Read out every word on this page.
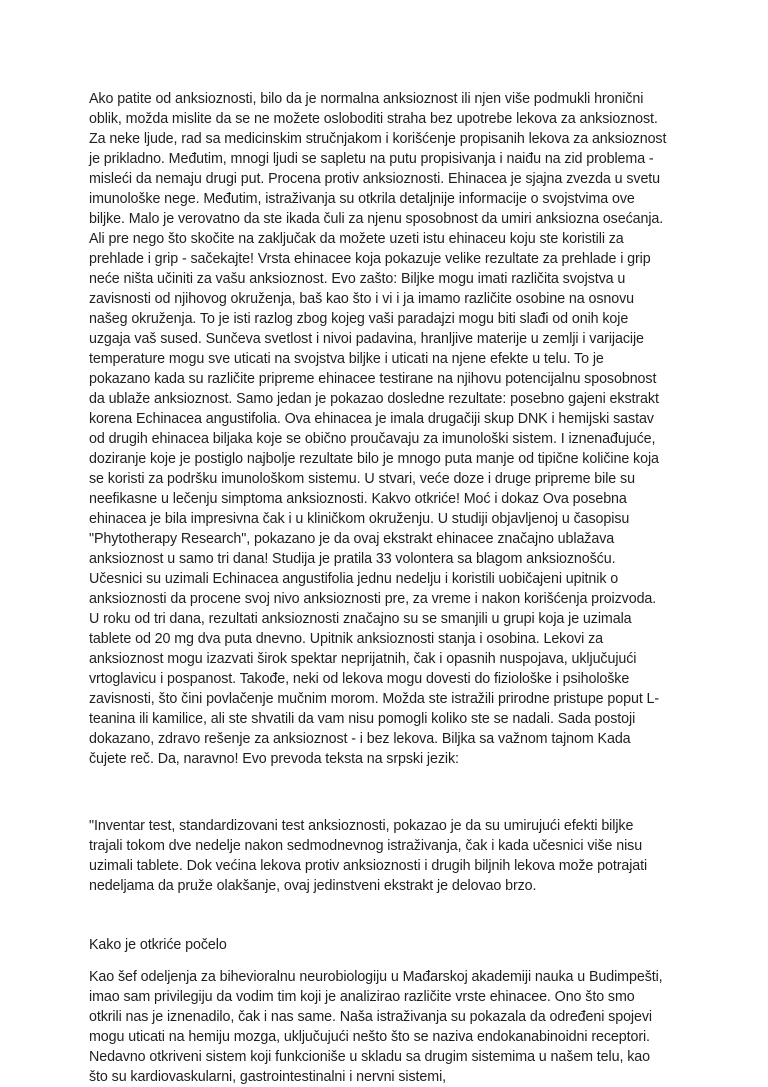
Ako patite od anksioznosti, bilo da je normalna anksioznost ili njen više podmukli hronični oblik, možda mislite da se ne možete osloboditi straha bez upotrebe lekova za anksioznost. Za neke ljude, rad sa medicinskim stručnjakom i korišćenje propisanih lekova za anksioznost je prikladno. Međutim, mnogi ljudi se sapletu na putu propisivanja i naiđu na zid problema - misleći da nemaju drugi put. Procena protiv anksioznosti. Ehinacea je sjajna zvezda u svetu imunološke nege. Međutim, istraživanja su otkrila detaljnije informacije o svojstvima ove biljke. Malo je verovatno da ste ikada čuli za njenu sposobnost da umiri anksiozna osećanja. Ali pre nego što skočite na zaključak da možete uzeti istu ehinaceu koju ste koristili za prehlade i grip - sačekajte! Vrsta ehinacee koja pokazuje velike rezultate za prehlade i grip neće ništa učiniti za vašu anksioznost. Evo zašto: Biljke mogu imati različita svojstva u zavisnosti od njihovog okruženja, baš kao što i vi i ja imamo različite osobine na osnovu našeg okruženja. To je isti razlog zbog kojeg vaši paradajzi mogu biti slađi od onih koje uzgaja vaš sused. Sunčeva svetlost i nivoi padavina, hranljive materije u zemlji i varijacije temperature mogu sve uticati na svojstva biljke i uticati na njene efekte u telu. To je pokazano kada su različite pripreme ehinacee testirane na njihovu potencijalnu sposobnost da ublaže anksioznost. Samo jedan je pokazao dosledne rezultate: posebno gajeni ekstrakt korena Echinacea angustifolia. Ova ehinacea je imala drugačiji skup DNK i hemijski sastav od drugih ehinacea biljaka koje se obično proučavaju za imunološki sistem. I iznenađujuće, doziranje koje je postiglo najbolje rezultate bilo je mnogo puta manje od tipične količine koja se koristi za podršku imunološkom sistemu. U stvari, veće doze i druge pripreme bile su neefikasne u lečenju simptoma anksioznosti. Kakvo otkriće! Moć i dokaz Ova posebna ehinacea je bila impresivna čak i u kliničkom okruženju. U studiji objavljenoj u časopisu "Phytotherapy Research", pokazano je da ovaj ekstrakt ehinacee značajno ublažava anksioznost u samo tri dana! Studija je pratila 33 volontera sa blagom anksioznošću. Učesnici su uzimali Echinacea angustifolia jednu nedelju i koristili uobičajeni upitnik o anksioznosti da procene svoj nivo anksioznosti pre, za vreme i nakon korišćenja proizvoda. U roku od tri dana, rezultati anksioznosti značajno su se smanjili u grupi koja je uzimala tablete od 20 mg dva puta dnevno. Upitnik anksioznosti stanja i osobina. Lekovi za anksioznost mogu izazvati širok spektar neprijatnih, čak i opasnih nuspojava, uključujući vrtoglavicu i pospanost. Takođe, neki od lekova mogu dovesti do fiziološke i psihološke zavisnosti, što čini povlačenje mučnim morom. Možda ste istražili prirodne pristupe poput L-teanina ili kamilice, ali ste shvatili da vam nisu pomogli koliko ste se nadali. Sada postoji dokazano, zdravo rešenje za anksioznost - i bez lekova. Biljka sa važnom tajnom Kada čujete reč. Da, naravno! Evo prevoda teksta na srpski jezik:

"Inventar test, standardizovani test anksioznosti, pokazao je da su umirujući efekti biljke trajali tokom dve nedelje nakon sedmodnevnog istraživanja, čak i kada učesnici više nisu uzimali tablete. Dok većina lekova protiv anksioznosti i drugih biljnih lekova može potrajati nedeljama da pruže olakšanje, ovaj jedinstveni ekstrakt je delovao brzo.

Kako je otkriće počelo

Kao šef odeljenja za bihevioralnu neurobiologiju u Mađarskoj akademiji nauka u Budimpešti, imao sam privilegiju da vodim tim koji je analizirao različite vrste ehinacee. Ono što smo otkrili nas je iznenadilo, čak i nas same. Naša istraživanja su pokazala da određeni spojevi mogu uticati na hemiju mozga, uključujući nešto što se naziva endokanabinoidni receptori. Nedavno otkriveni sistem koji funkcioniše u skladu sa drugim sistemima u našem telu, kao što su kardiovaskularni, gastrointestinalni i nervni sistemi,
